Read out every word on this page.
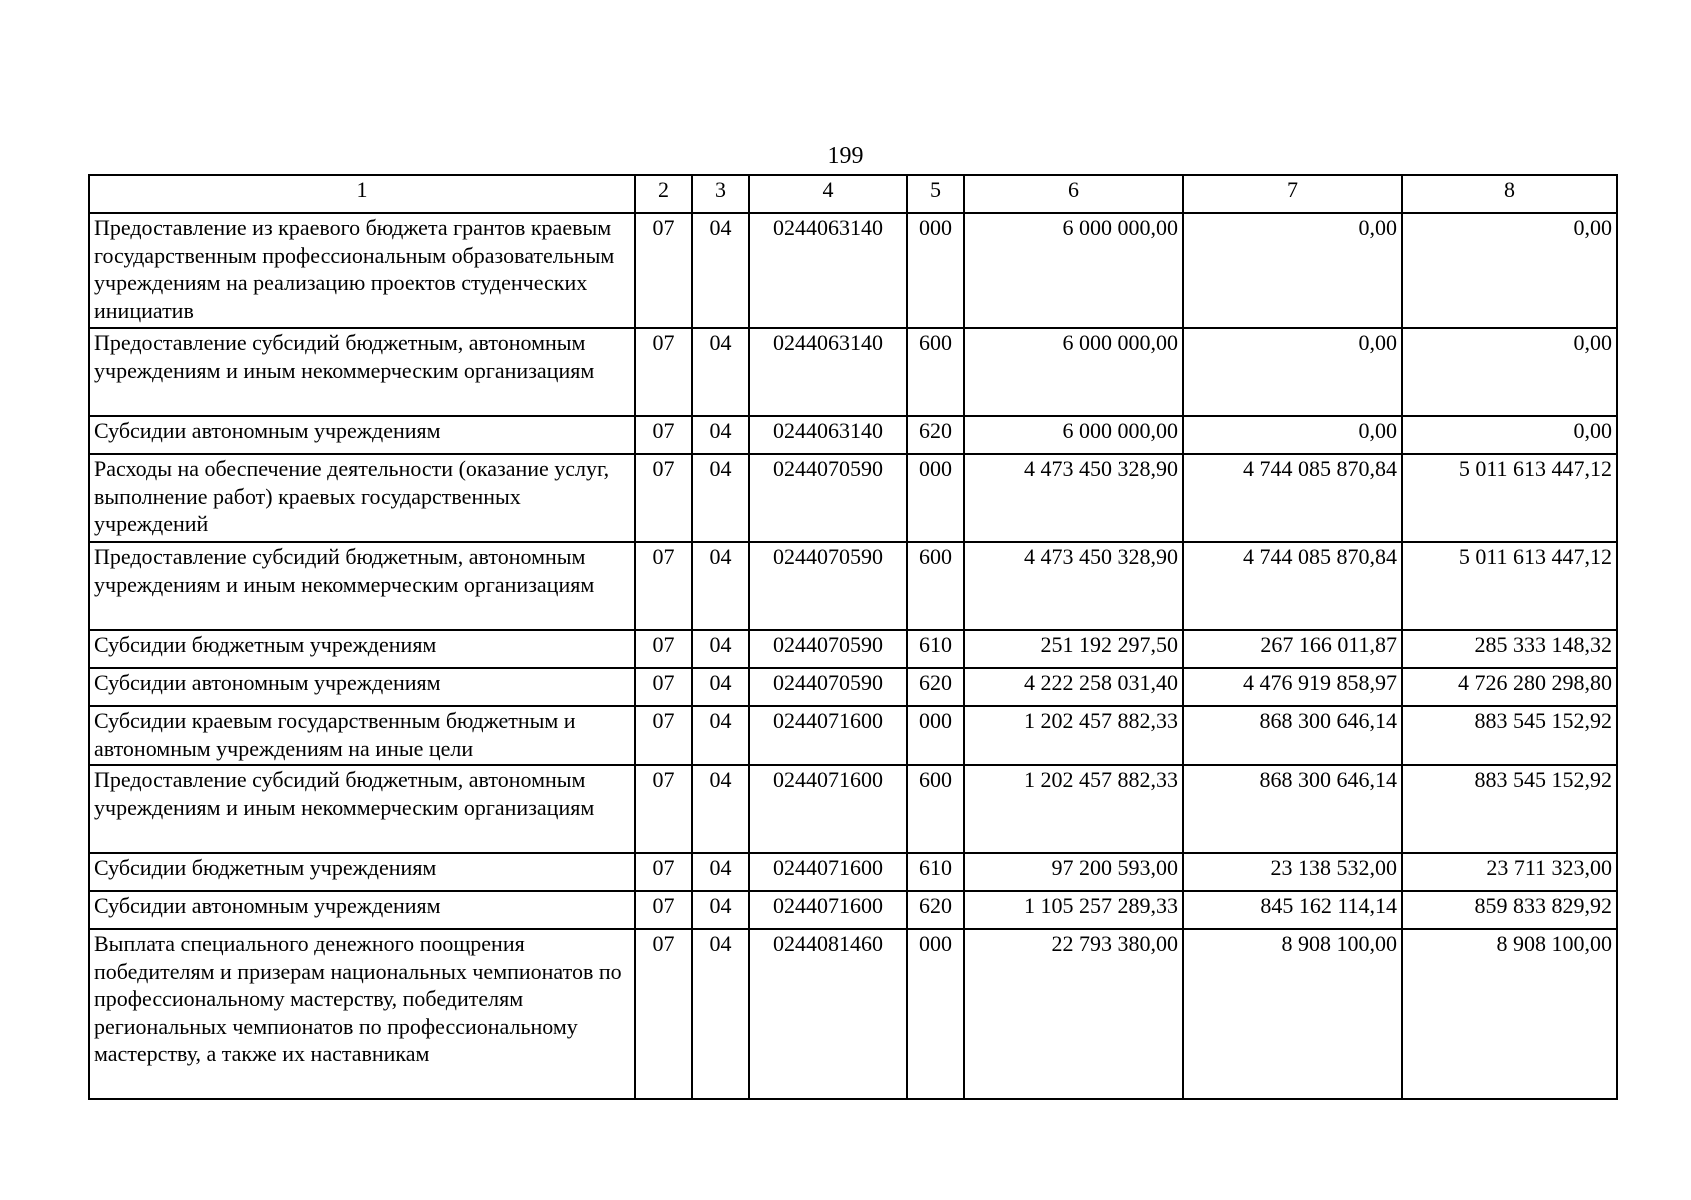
199
1	2	3	4	5	6	7	8
Предоставление из краевого бюджета грантов краевым государственным профессиональным образовательным учреждениям на реализацию проектов студенческих инициатив	07	04	0244063140	000	6 000 000,00	0,00	0,00
Предоставление субсидий бюджетным, автономным учреждениям и иным некоммерческим организациям	07	04	0244063140	600	6 000 000,00	0,00	0,00
Субсидии автономным учреждениям	07	04	0244063140	620	6 000 000,00	0,00	0,00
Расходы на обеспечение деятельности (оказание услуг, выполнение работ) краевых государственных учреждений	07	04	0244070590	000	4 473 450 328,90	4 744 085 870,84	5 011 613 447,12
Предоставление субсидий бюджетным, автономным учреждениям и иным некоммерческим организациям	07	04	0244070590	600	4 473 450 328,90	4 744 085 870,84	5 011 613 447,12
Субсидии бюджетным учреждениям	07	04	0244070590	610	251 192 297,50	267 166 011,87	285 333 148,32
Субсидии автономным учреждениям	07	04	0244070590	620	4 222 258 031,40	4 476 919 858,97	4 726 280 298,80
Субсидии краевым государственным бюджетным и автономным учреждениям на иные цели	07	04	0244071600	000	1 202 457 882,33	868 300 646,14	883 545 152,92
Предоставление субсидий бюджетным, автономным учреждениям и иным некоммерческим организациям	07	04	0244071600	600	1 202 457 882,33	868 300 646,14	883 545 152,92
Субсидии бюджетным учреждениям	07	04	0244071600	610	97 200 593,00	23 138 532,00	23 711 323,00
Субсидии автономным учреждениям	07	04	0244071600	620	1 105 257 289,33	845 162 114,14	859 833 829,92
Выплата специального денежного поощрения победителям и призерам национальных чемпионатов по профессиональному мастерству, победителям региональных чемпионатов по профессиональному мастерству, а также их наставникам	07	04	0244081460	000	22 793 380,00	8 908 100,00	8 908 100,00
